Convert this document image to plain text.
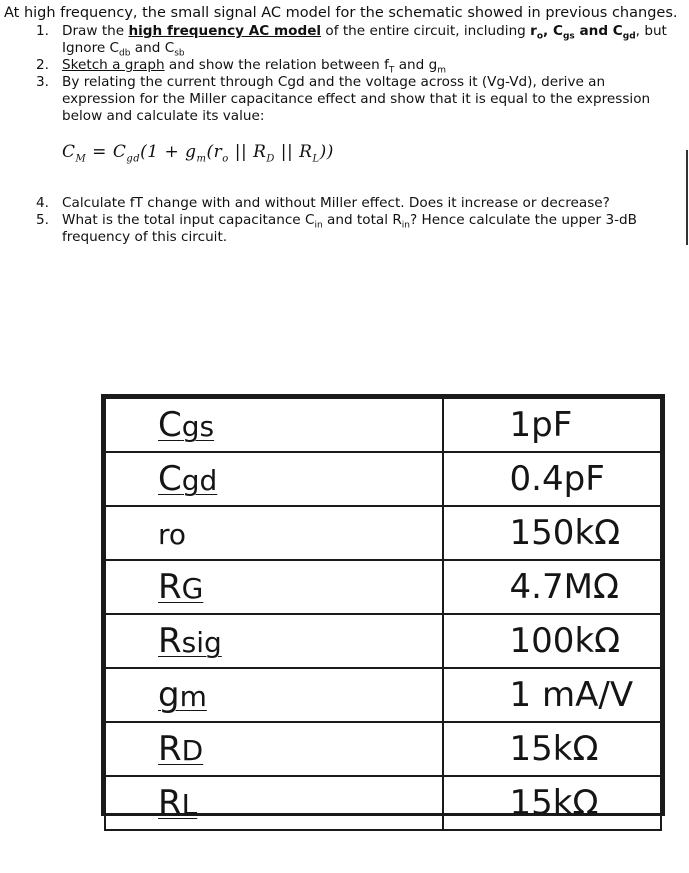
At high frequency, the small signal AC model for the schematic showed in previous changes.
1. Draw the high frequency AC model of the entire circuit, including $r_o$, $C_{gs}$ and $C_{gd}$, but
Ignore $C_{db}$ and $C_{sb}$
2. Sketch a graph and show the relation between $f_T$ and $g_m$
3. By relating the current through Cgd and the voltage across it (Vg-Vd), derive an
expression for the Miller capacitance effect and show that it is equal to the expression
below and calculate its value:
$C_M = C_{gd}(1 + g_m(r_o$ || $R_D$ || $R_L$))
4. Calculate fT change with and without Miller effect. Does it increase or decrease?
5. What is the total input capacitance $C_{in}$ and total $R_{in}$? Hence calculate the upper 3-dB
frequency of this circuit.
Cgs	1pF
Cgd	0.4pF
ro	150kΩ
RG	4.7MΩ
Rsig	100kΩ
gm	1 mA/V
RD	15kΩ
RL	15kΩ
